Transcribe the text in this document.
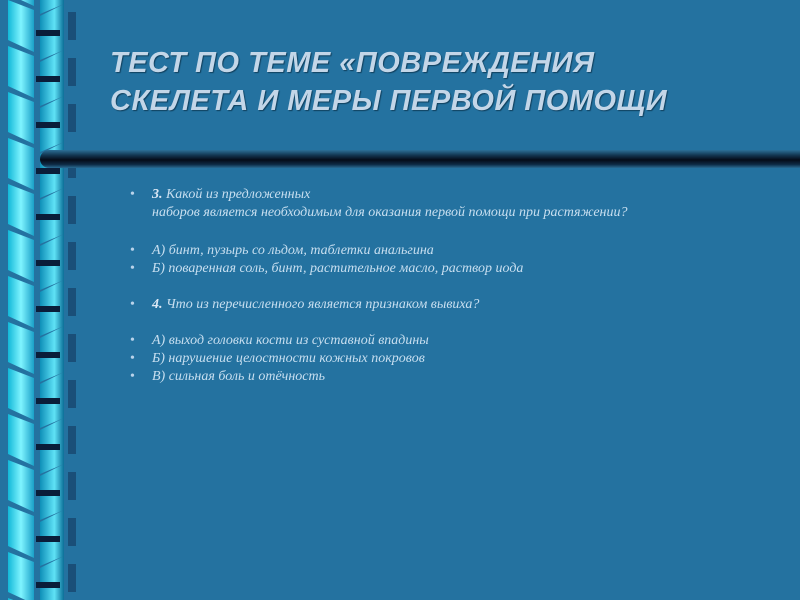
ТЕСТ ПО ТЕМЕ «ПОВРЕЖДЕНИЯ
СКЕЛЕТА И МЕРЫ ПЕРВОЙ ПОМОЩИ
• 3. Какой из предложенных
наборов является необходимым для оказания первой помощи при растяжении?
• А) бинт, пузырь со льдом, таблетки анальгина
• Б) поваренная соль, бинт, растительное масло, раствор иода
• 4. Что из перечисленного является признаком вывиха?
• А) выход головки кости из суставной впадины
• Б) нарушение целостности кожных покровов
• В) сильная боль и отёчность
